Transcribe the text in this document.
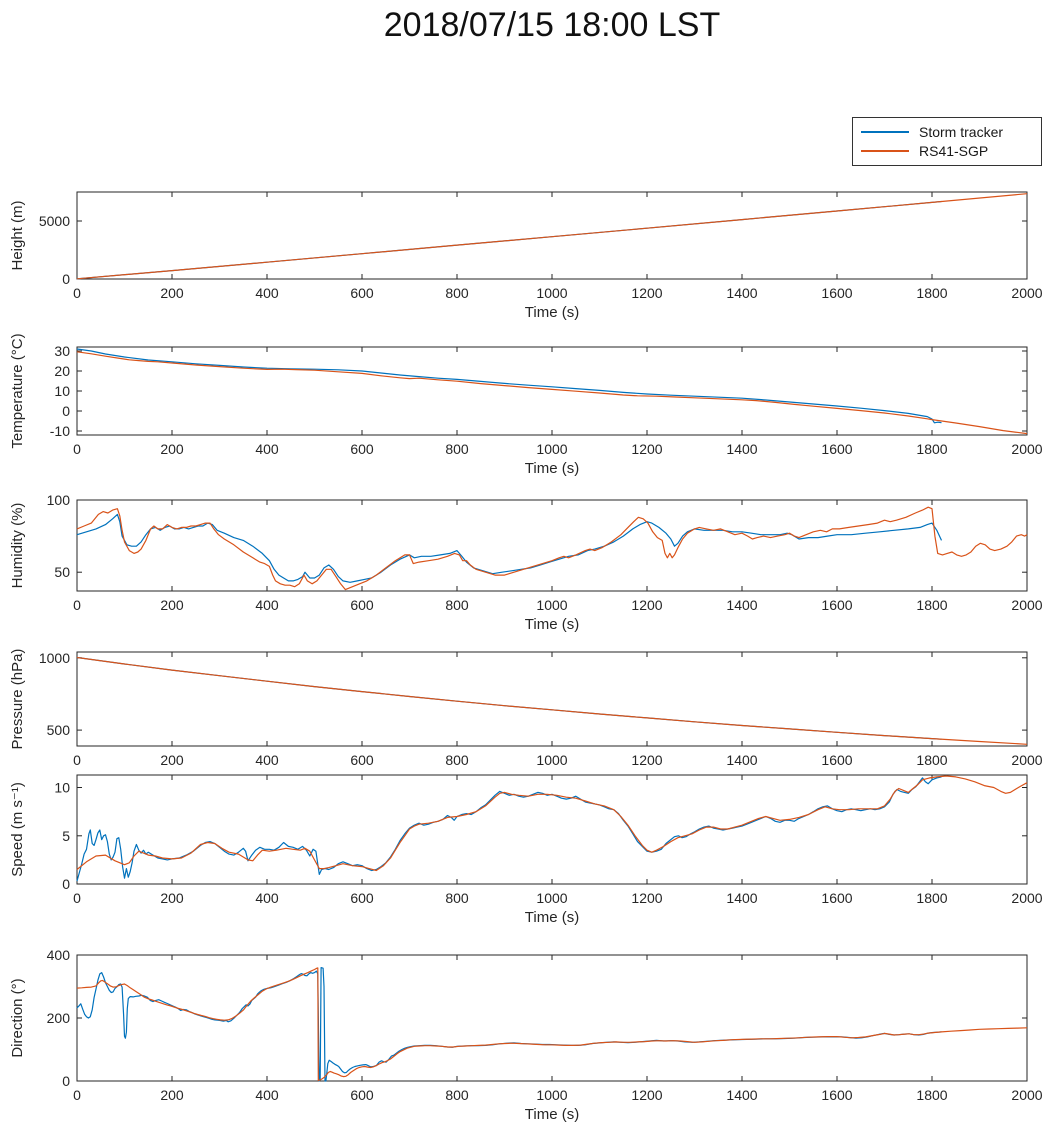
2018/07/15 18:00 LST
Storm tracker
RS41-SGP
0	200	400	600	800	1000	1200	1400	1600	1800	2000
0
5000
Height (m)
Time (s)
0	200	400	600	800	1000	1200	1400	1600	1800	2000
-10
0
10
20
30
Temperature (°C)
Time (s)
0	200	400	600	800	1000	1200	1400	1600	1800	2000
50
100
Humidity (%)
Time (s)
0	200	400	600	800	1000	1200	1400	1600	1800	2000
500
1000
Pressure (hPa)
0	200	400	600	800	1000	1200	1400	1600	1800	2000
0
5
10
Speed (m s⁻¹)
Time (s)
0	200	400	600	800	1000	1200	1400	1600	1800	2000
0
200
400
Direction (°)
Time (s)
